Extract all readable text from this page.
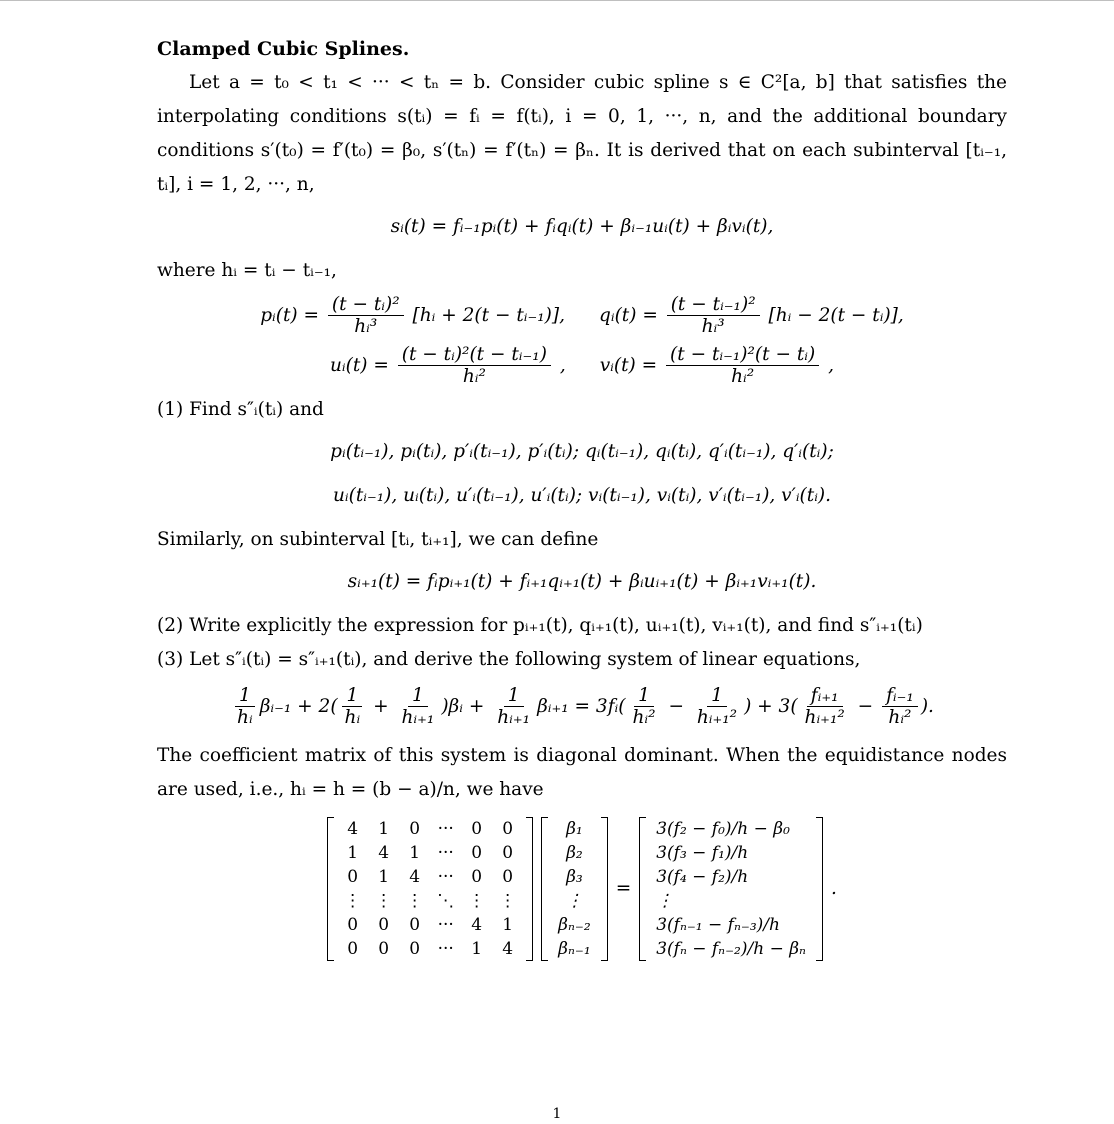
Clamped Cubic Splines.
Let a = t₀ < t₁ < ··· < tₙ = b. Consider cubic spline s ∈ C²[a, b] that satisfies the interpolating conditions s(tᵢ) = fᵢ = f(tᵢ), i = 0, 1, ···, n, and the additional boundary conditions s′(t₀) = f′(t₀) = β₀, s′(tₙ) = f′(tₙ) = βₙ. It is derived that on each subinterval [tᵢ₋₁, tᵢ], i = 1, 2, ···, n,
sᵢ(t) = fᵢ₋₁pᵢ(t) + fᵢqᵢ(t) + βᵢ₋₁uᵢ(t) + βᵢvᵢ(t),
where hᵢ = tᵢ − tᵢ₋₁,
pᵢ(t) = $\frac{\text{(t − tᵢ)²}}{\text{hᵢ³}}$ [hᵢ + 2(t − tᵢ₋₁)], qᵢ(t) = $\frac{\text{(t − tᵢ₋₁)²}}{\text{hᵢ³}}$ [hᵢ − 2(t − tᵢ)],
uᵢ(t) = $\frac{\text{(t − tᵢ)²(t − tᵢ₋₁)}}{\text{hᵢ²}}$ , vᵢ(t) = $\frac{\text{(t − tᵢ₋₁)²(t − tᵢ)}}{\text{hᵢ²}}$ ,
(1) Find s″ᵢ(tᵢ) and
pᵢ(tᵢ₋₁), pᵢ(tᵢ), p′ᵢ(tᵢ₋₁), p′ᵢ(tᵢ); qᵢ(tᵢ₋₁), qᵢ(tᵢ), q′ᵢ(tᵢ₋₁), q′ᵢ(tᵢ);
uᵢ(tᵢ₋₁), uᵢ(tᵢ), u′ᵢ(tᵢ₋₁), u′ᵢ(tᵢ); vᵢ(tᵢ₋₁), vᵢ(tᵢ), v′ᵢ(tᵢ₋₁), v′ᵢ(tᵢ).
Similarly, on subinterval [tᵢ, tᵢ₊₁], we can define
sᵢ₊₁(t) = fᵢpᵢ₊₁(t) + fᵢ₊₁qᵢ₊₁(t) + βᵢuᵢ₊₁(t) + βᵢ₊₁vᵢ₊₁(t).
(2) Write explicitly the expression for pᵢ₊₁(t), qᵢ₊₁(t), uᵢ₊₁(t), vᵢ₊₁(t), and find s″ᵢ₊₁(tᵢ)
(3) Let s″ᵢ(tᵢ) = s″ᵢ₊₁(tᵢ), and derive the following system of linear equations,
$\frac{1}{\text{hᵢ}}$ βᵢ₋₁ + $2( \frac{1}{\text{hᵢ}} + \frac{1}{\text{hᵢ₊₁}}$ )βᵢ + $\frac{1}{\text{hᵢ₊₁}}$ βᵢ₊₁ = 3fᵢ( $\frac{1}{\text{hᵢ²}} - \frac{1}{\text{hᵢ₊₁²}}$ ) + $3( \frac{\text{fᵢ₊₁}}{\text{hᵢ₊₁²}} - \frac{\text{fᵢ₋₁}}{\text{hᵢ²}}$ ).
The coefficient matrix of this system is diagonal dominant. When the equidistance nodes are used, i.e., hᵢ = h = (b − a)/n, we have
4	1	0	···	0	0
1	4	1	···	0	0
0	1	4	···	0	0
⋮	⋮	⋮	⋱	⋮	⋮
0	0	0	···	4	1
0	0	0	···	1	4
β₁
β₂
β₃
⋮
βₙ₋₂
βₙ₋₁
=
3(f₂ − f₀)/h − β₀
3(f₃ − f₁)/h
3(f₄ − f₂)/h
⋮
3(fₙ₋₁ − fₙ₋₃)/h
3(fₙ − fₙ₋₂)/h − βₙ
.
1
